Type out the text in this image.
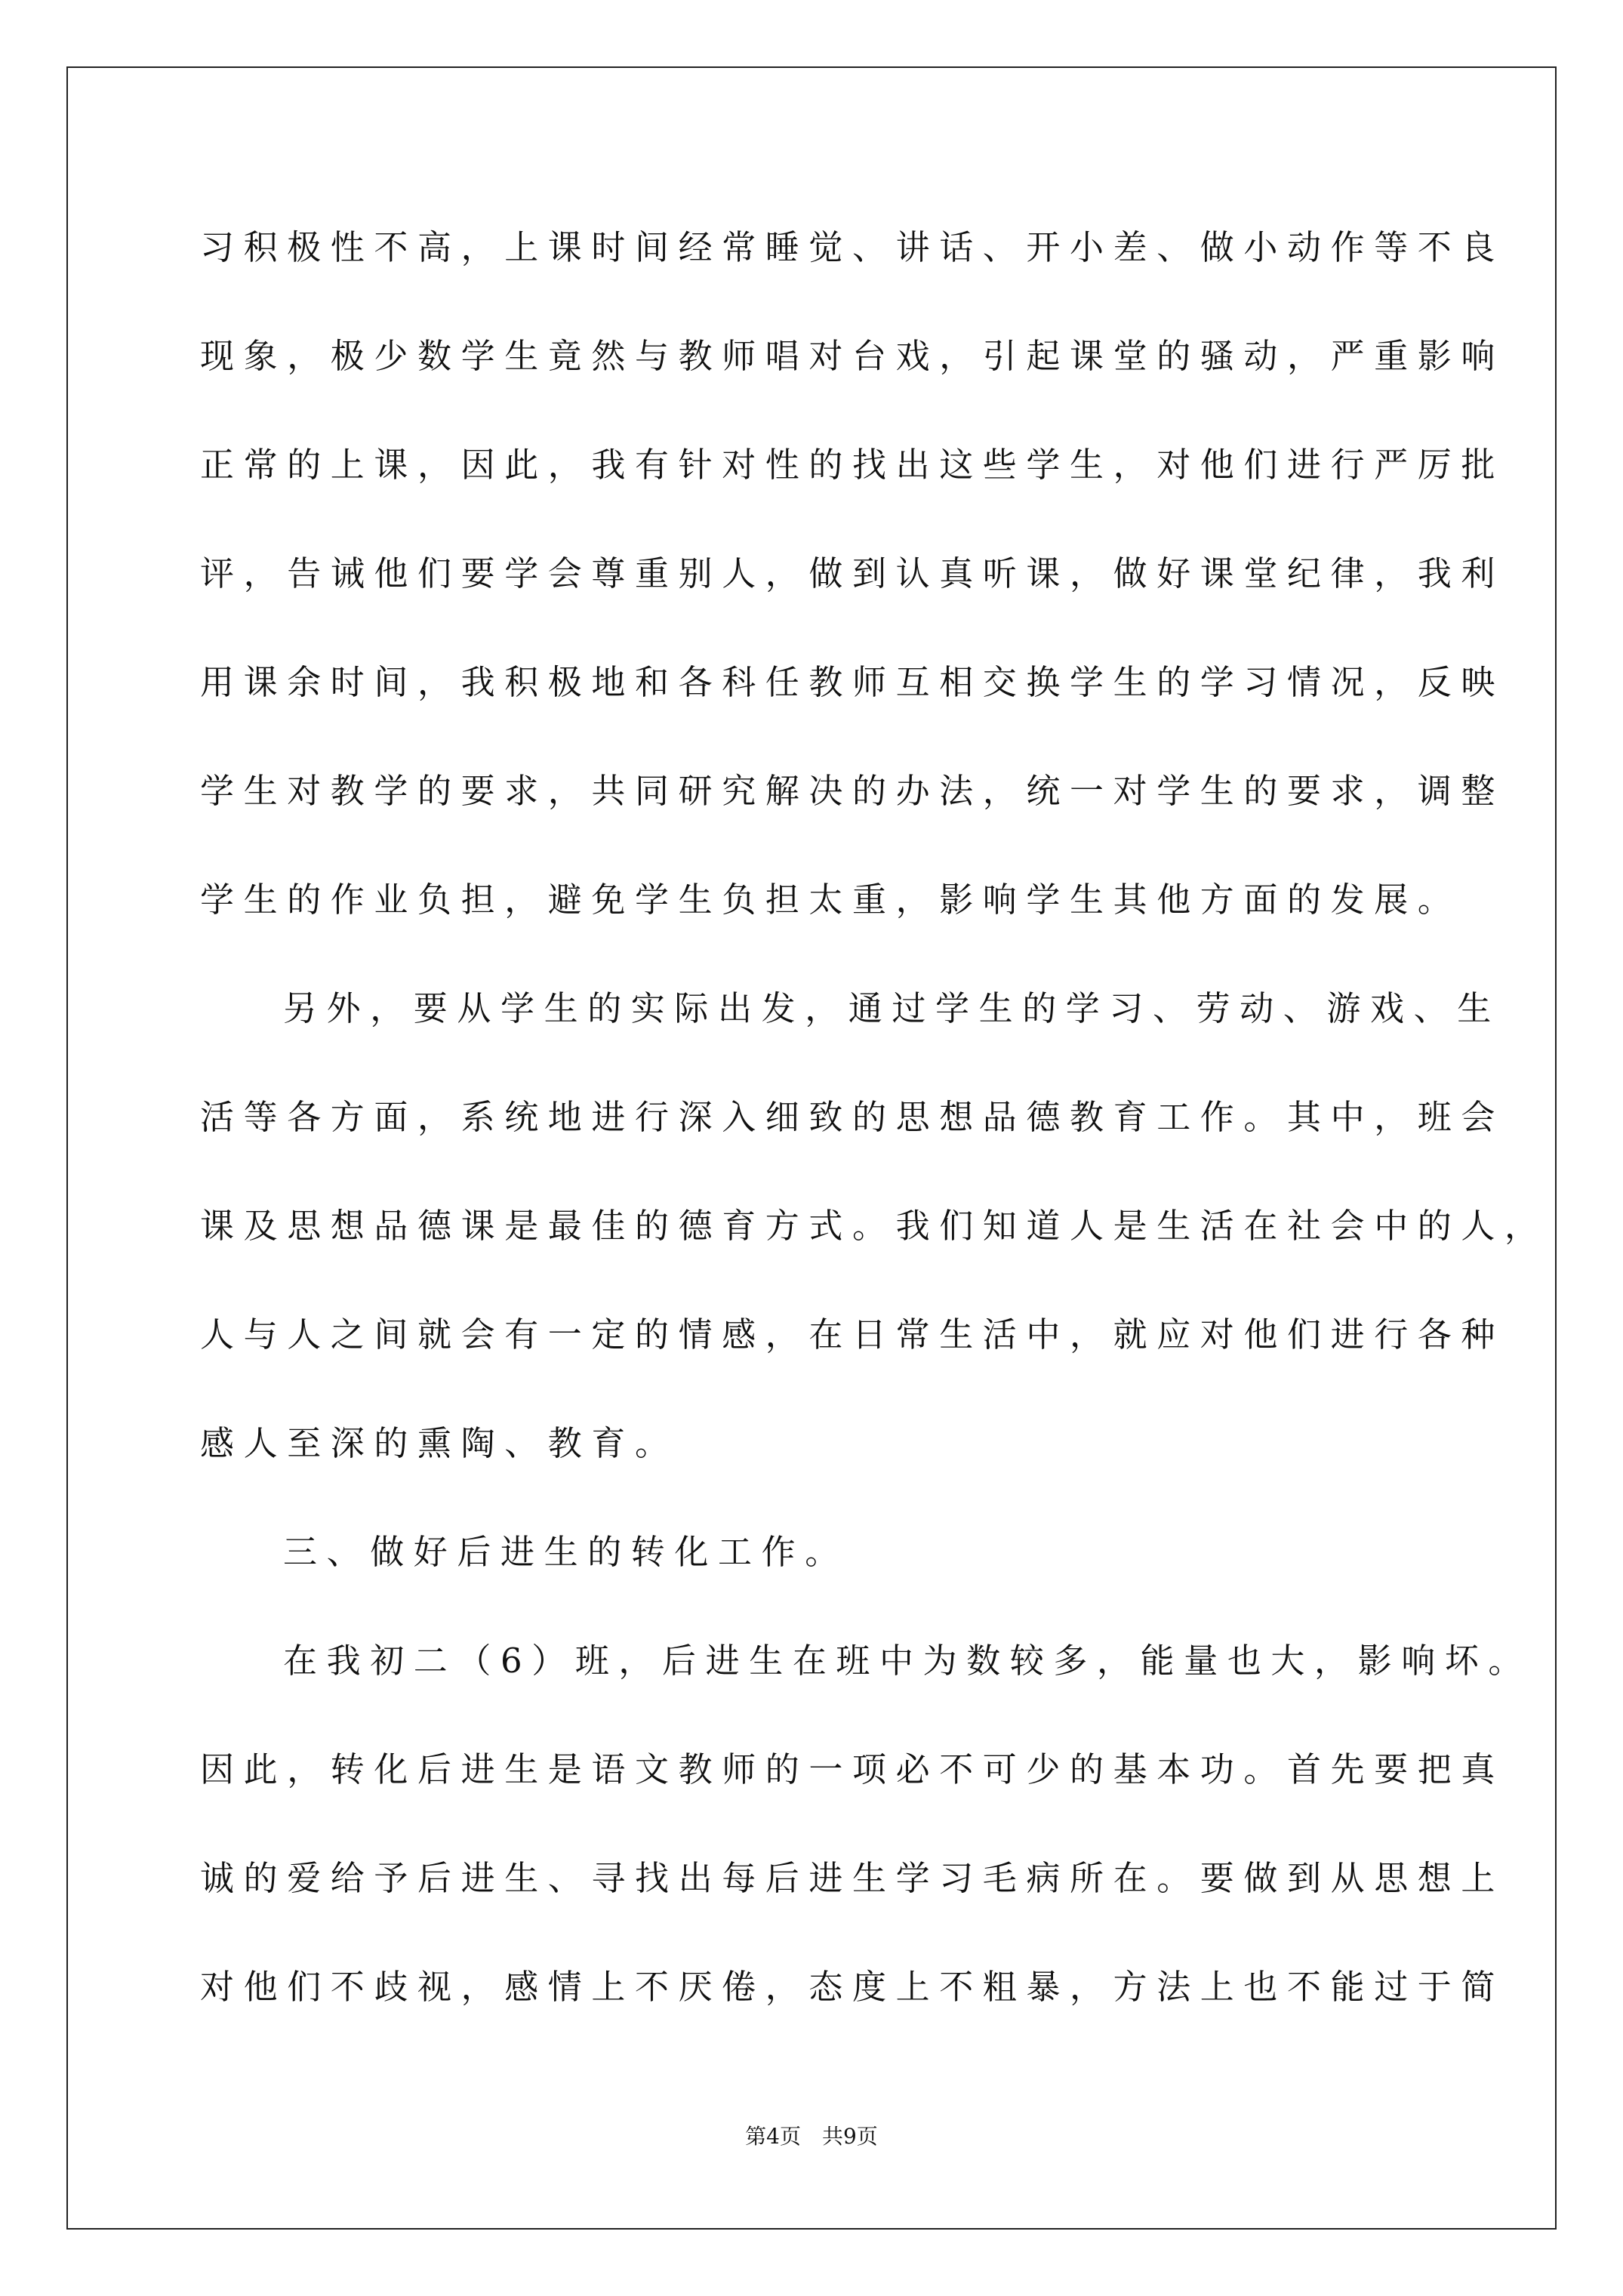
习积极性不高，上课时间经常睡觉、讲话、开小差、做小动作等不良
现象，极少数学生竟然与教师唱对台戏，引起课堂的骚动，严重影响
正常的上课，因此，我有针对性的找出这些学生，对他们进行严厉批
评，告诫他们要学会尊重别人，做到认真听课，做好课堂纪律，我利
用课余时间，我积极地和各科任教师互相交换学生的学习情况，反映
学生对教学的要求，共同研究解决的办法，统一对学生的要求，调整
学生的作业负担，避免学生负担太重，影响学生其他方面的发展。
另外，要从学生的实际出发，通过学生的学习、劳动、游戏、生
活等各方面，系统地进行深入细致的思想品德教育工作。其中，班会
课及思想品德课是最佳的德育方式。我们知道人是生活在社会中的人，
人与人之间就会有一定的情感，在日常生活中，就应对他们进行各种
感人至深的熏陶、教育。
三、做好后进生的转化工作。
在我初二（6）班，后进生在班中为数较多，能量也大，影响坏。
因此，转化后进生是语文教师的一项必不可少的基本功。首先要把真
诚的爱给予后进生、寻找出每后进生学习毛病所在。要做到从思想上
对他们不歧视，感情上不厌倦，态度上不粗暴，方法上也不能过于简
第4页　共9页
